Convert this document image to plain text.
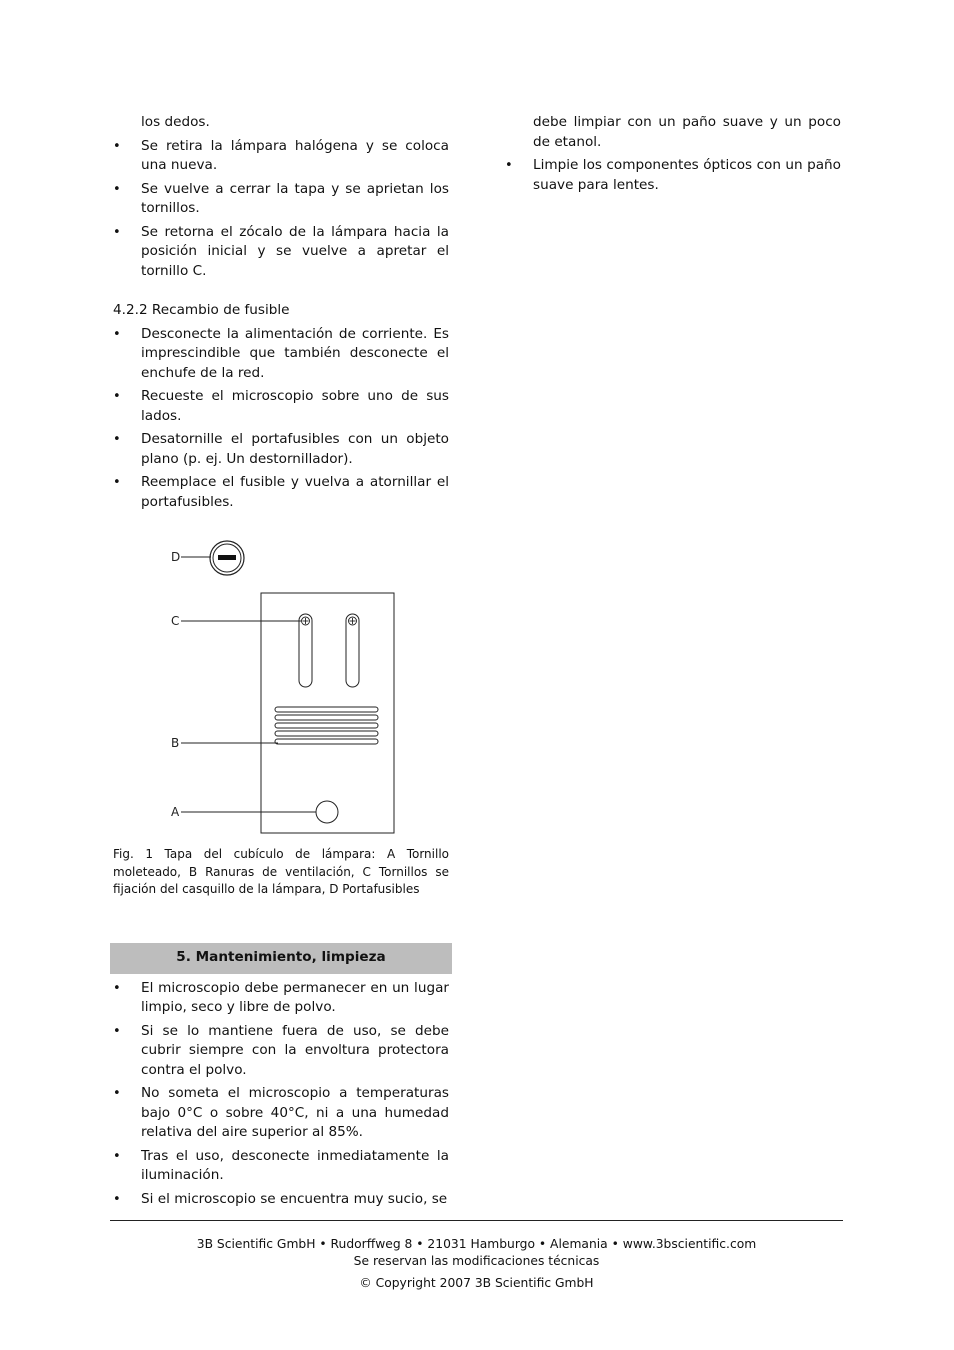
los dedos.

• Se retira la lámpara halógena y se coloca una nueva.
• Se vuelve a cerrar la tapa y se aprietan los tornillos.
• Se retorna el zócalo de la lámpara hacia la posición inicial y se vuelve a apretar el tornillo C.

4.2.2 Recambio de fusible

• Desconecte la alimentación de corriente. Es imprescindible que también desconecte el enchufe de la red.
• Recueste el microscopio sobre uno de sus lados.
• Desatornille el portafusibles con un objeto plano (p. ej. Un destornillador).
• Reemplace el fusible y vuelva a atornillar el portafusibles.
D
C
B
A

Fig. 1 Tapa del cubículo de lámpara: A Tornillo moleteado, B Ranuras de ventilación, C Tornillos se fijación del casquillo de la lámpara, D Portafusibles

5. Mantenimiento, limpieza
• El microscopio debe permanecer en un lugar limpio, seco y libre de polvo.
• Si se lo mantiene fuera de uso, se debe cubrir siempre con la envoltura protectora contra el polvo.
• No someta el microscopio a temperaturas bajo 0°C o sobre 40°C, ni a una humedad relativa del aire superior al 85%.
• Tras el uso, desconecte inmediatamente la iluminación.
• Si el microscopio se encuentra muy sucio, se

debe limpiar con un paño suave y un poco de etanol.

• Limpie los componentes ópticos con un paño suave para lentes.
3B Scientific GmbH • Rudorffweg 8 • 21031 Hamburgo • Alemania • www.3bscientific.com
Se reservan las modificaciones técnicas
© Copyright 2007 3B Scientific GmbH
